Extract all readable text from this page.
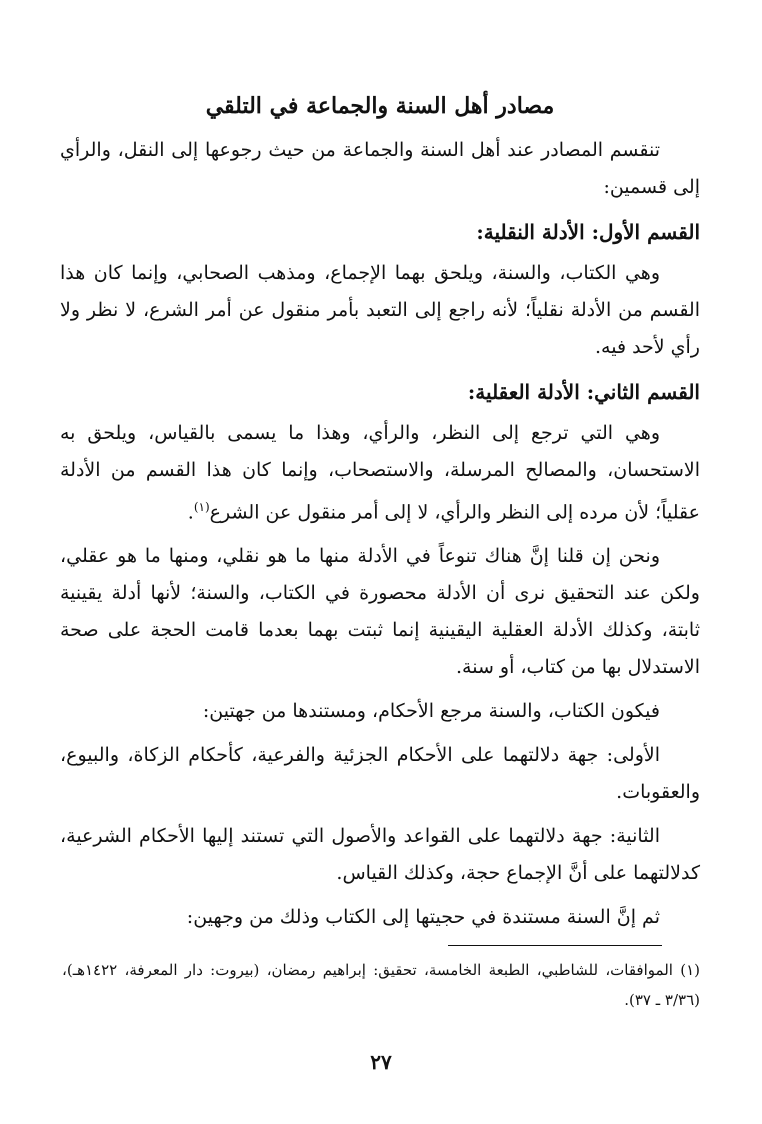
مصادر أهل السنة والجماعة في التلقي

تنقسم المصادر عند أهل السنة والجماعة من حيث رجوعها إلى النقل، والرأي إلى قسمين:

القسم الأول: الأدلة النقلية:

وهي الكتاب، والسنة، ويلحق بهما الإجماع، ومذهب الصحابي، وإنما كان هذا القسم من الأدلة نقلياً؛ لأنه راجع إلى التعبد بأمر منقول عن أمر الشرع، لا نظر ولا رأي لأحد فيه.

القسم الثاني: الأدلة العقلية:

وهي التي ترجع إلى النظر، والرأي، وهذا ما يسمى بالقياس، ويلحق به الاستحسان، والمصالح المرسلة، والاستصحاب، وإنما كان هذا القسم من الأدلة عقلياً؛ لأن مرده إلى النظر والرأي، لا إلى أمر منقول عن الشرع$^{(١)}$.

ونحن إن قلنا إنَّ هناك تنوعاً في الأدلة منها ما هو نقلي، ومنها ما هو عقلي، ولكن عند التحقيق نرى أن الأدلة محصورة في الكتاب، والسنة؛ لأنها أدلة يقينية ثابتة، وكذلك الأدلة العقلية اليقينية إنما ثبتت بهما بعدما قامت الحجة على صحة الاستدلال بها من كتاب، أو سنة.

فيكون الكتاب، والسنة مرجع الأحكام، ومستندها من جهتين:

الأولى: جهة دلالتهما على الأحكام الجزئية والفرعية، كأحكام الزكاة، والبيوع، والعقوبات.

الثانية: جهة دلالتهما على القواعد والأصول التي تستند إليها الأحكام الشرعية، كدلالتهما على أنَّ الإجماع حجة، وكذلك القياس.

ثم إنَّ السنة مستندة في حجيتها إلى الكتاب وذلك من وجهين:

(١) الموافقات، للشاطبي، الطبعة الخامسة، تحقيق: إبراهيم رمضان، (بيروت: دار المعرفة، ١٤٢٢هـ)، (٣/٣٦ ـ ٣٧).
٢٧
